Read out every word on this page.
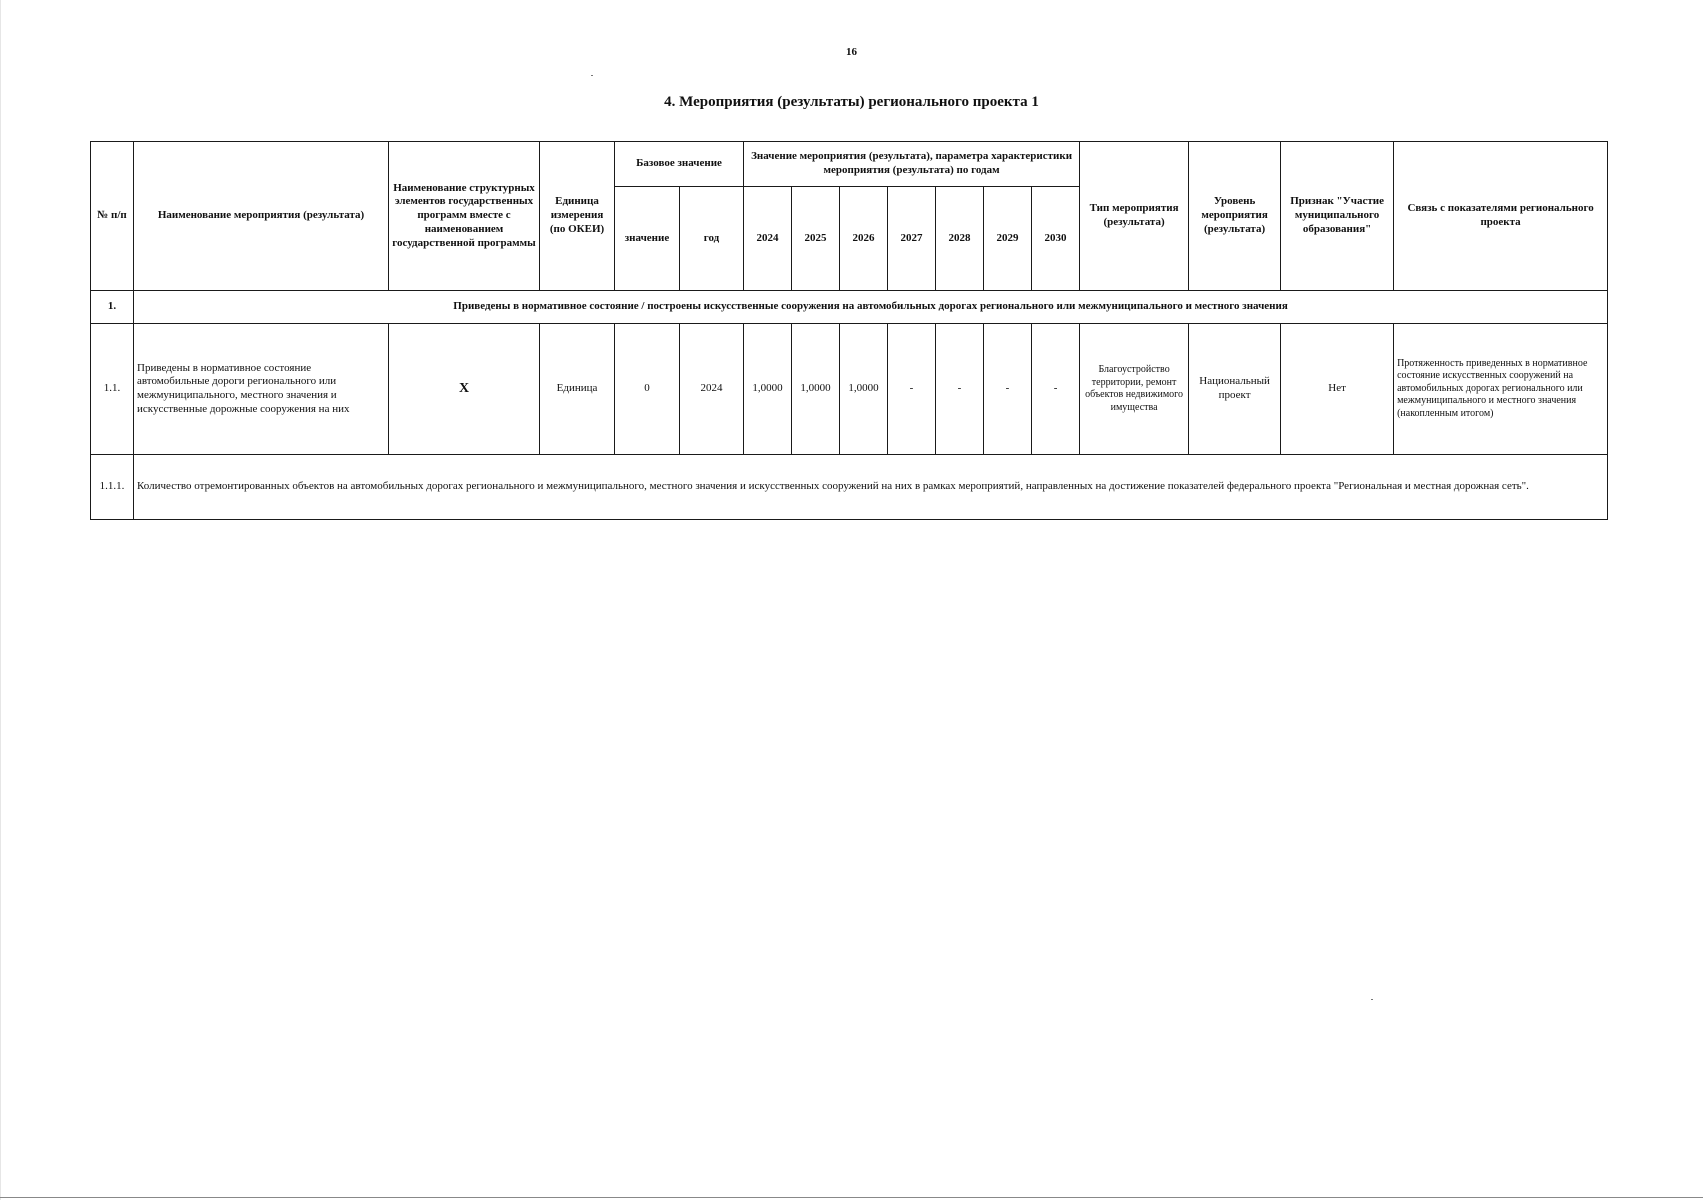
16
4. Мероприятия (результаты) регионального проекта 1
№ п/п	Наименование мероприятия (результата)	Наименование структурных элементов государственных программ вместе с наименованием государственной программы	Единица измерения (по ОКЕИ)	Базовое значение		Значение мероприятия (результата), параметра характеристики мероприятия (результата) по годам							Тип мероприятия (результата)	Уровень мероприятия (результата)	Признак "Участие муниципального образования"	Связь с показателями регионального проекта
				значение	год	2024	2025	2026	2027	2028	2029	2030				
1.	Приведены в нормативное состояние / построены искусственные сооружения на автомобильных дорогах регионального или межмуниципального и местного значения															
1.1.	Приведены в нормативное состояние автомобильные дороги регионального или межмуниципального, местного значения и искусственные дорожные сооружения на них	X	Единица	0	2024	1,0000	1,0000	1,0000	-	-	-	-	Благоустройство территории, ремонт объектов недвижимого имущества	Национальный проект	Нет	Протяженность приведенных в нормативное состояние искусственных сооружений на автомобильных дорогах регионального или межмуниципального и местного значения (накопленным итогом)
1.1.1.	Количество отремонтированных объектов на автомобильных дорогах регионального и межмуниципального, местного значения и искусственных сооружений на них в рамках мероприятий, направленных на достижение показателей федерального проекта "Региональная и местная дорожная сеть".															
